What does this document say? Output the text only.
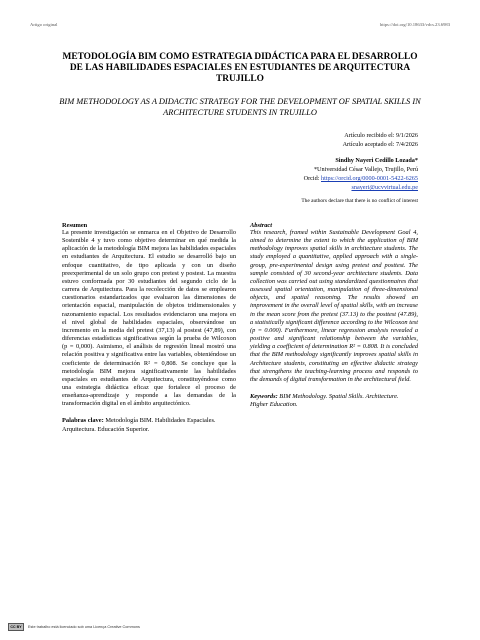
Artigo original	https://doi.org/10.18633/vdcs.23.6983
METODOLOGÍA BIM COMO ESTRATEGIA DIDÁCTICA PARA EL DESARROLLO DE LAS HABILIDADES ESPACIALES EN ESTUDIANTES DE ARQUITECTURA TRUJILLO
BIM METHODOLOGY AS A DIDACTIC STRATEGY FOR THE DEVELOPMENT OF SPATIAL SKILLS IN ARCHITECTURE STUDENTS IN TRUJILLO
Artículo recibido el: 9/1/2026
Artículo aceptado el: 7/4/2026
Sindhy Nayeri Cedillo Lozada*
*Universidad César Vallejo, Trujillo, Perú
Orcid: https://orcid.org/0000-0001-5422-6265
snayeri@ucvvirtual.edu.pe
The authors declare that there is no conflict of interest
Resumen
La presente investigación se enmarca en el Objetivo de Desarrollo Sostenible 4 y tuvo como objetivo determinar en qué medida la aplicación de la metodología BIM mejora las habilidades espaciales en estudiantes de Arquitectura. El estudio se desarrolló bajo un enfoque cuantitativo, de tipo aplicada y con un diseño preexperimental de un solo grupo con pretest y postest. La muestra estuvo conformada por 30 estudiantes del segundo ciclo de la carrera de Arquitectura. Para la recolección de datos se emplearon cuestionarios estandarizados que evaluaron las dimensiones de orientación espacial, manipulación de objetos tridimensionales y razonamiento espacial. Los resultados evidenciaron una mejora en el nivel global de habilidades espaciales, observándose un incremento en la media del pretest (37,13) al postest (47,89), con diferencias estadísticas significativas según la prueba de Wilcoxon (p = 0,000). Asimismo, el análisis de regresión lineal mostró una relación positiva y significativa entre las variables, obteniéndose un coeficiente de determinación R² = 0,808. Se concluye que la metodología BIM mejora significativamente las habilidades espaciales en estudiantes de Arquitectura, constituyéndose como una estrategia didáctica eficaz que fortalece el proceso de enseñanza-aprendizaje y responde a las demandas de la transformación digital en el ámbito arquitectónico.
Palabras clave: Metodología BIM. Habilidades Espaciales. Arquitectura. Educación Superior.
Abstract
This research, framed within Sustainable Development Goal 4, aimed to determine the extent to which the application of BIM methodology improves spatial skills in architecture students. The study employed a quantitative, applied approach with a single-group, pre-experimental design using pretest and posttest. The sample consisted of 30 second-year architecture students. Data collection was carried out using standardized questionnaires that assessed spatial orientation, manipulation of three-dimensional objects, and spatial reasoning. The results showed an improvement in the overall level of spatial skills, with an increase in the mean score from the pretest (37.13) to the posttest (47.89), a statistically significant difference according to the Wilcoxon test (p = 0.000). Furthermore, linear regression analysis revealed a positive and significant relationship between the variables, yielding a coefficient of determination R² = 0.808. It is concluded that the BIM methodology significantly improves spatial skills in Architecture students, constituting an effective didactic strategy that strengthens the teaching-learning process and responds to the demands of digital transformation in the architectural field.
Keywords: BIM Methodology. Spatial Skills. Architecture. Higher Education.
CC BY	Este trabalho está licenciado sob uma Licença Creative Commons
